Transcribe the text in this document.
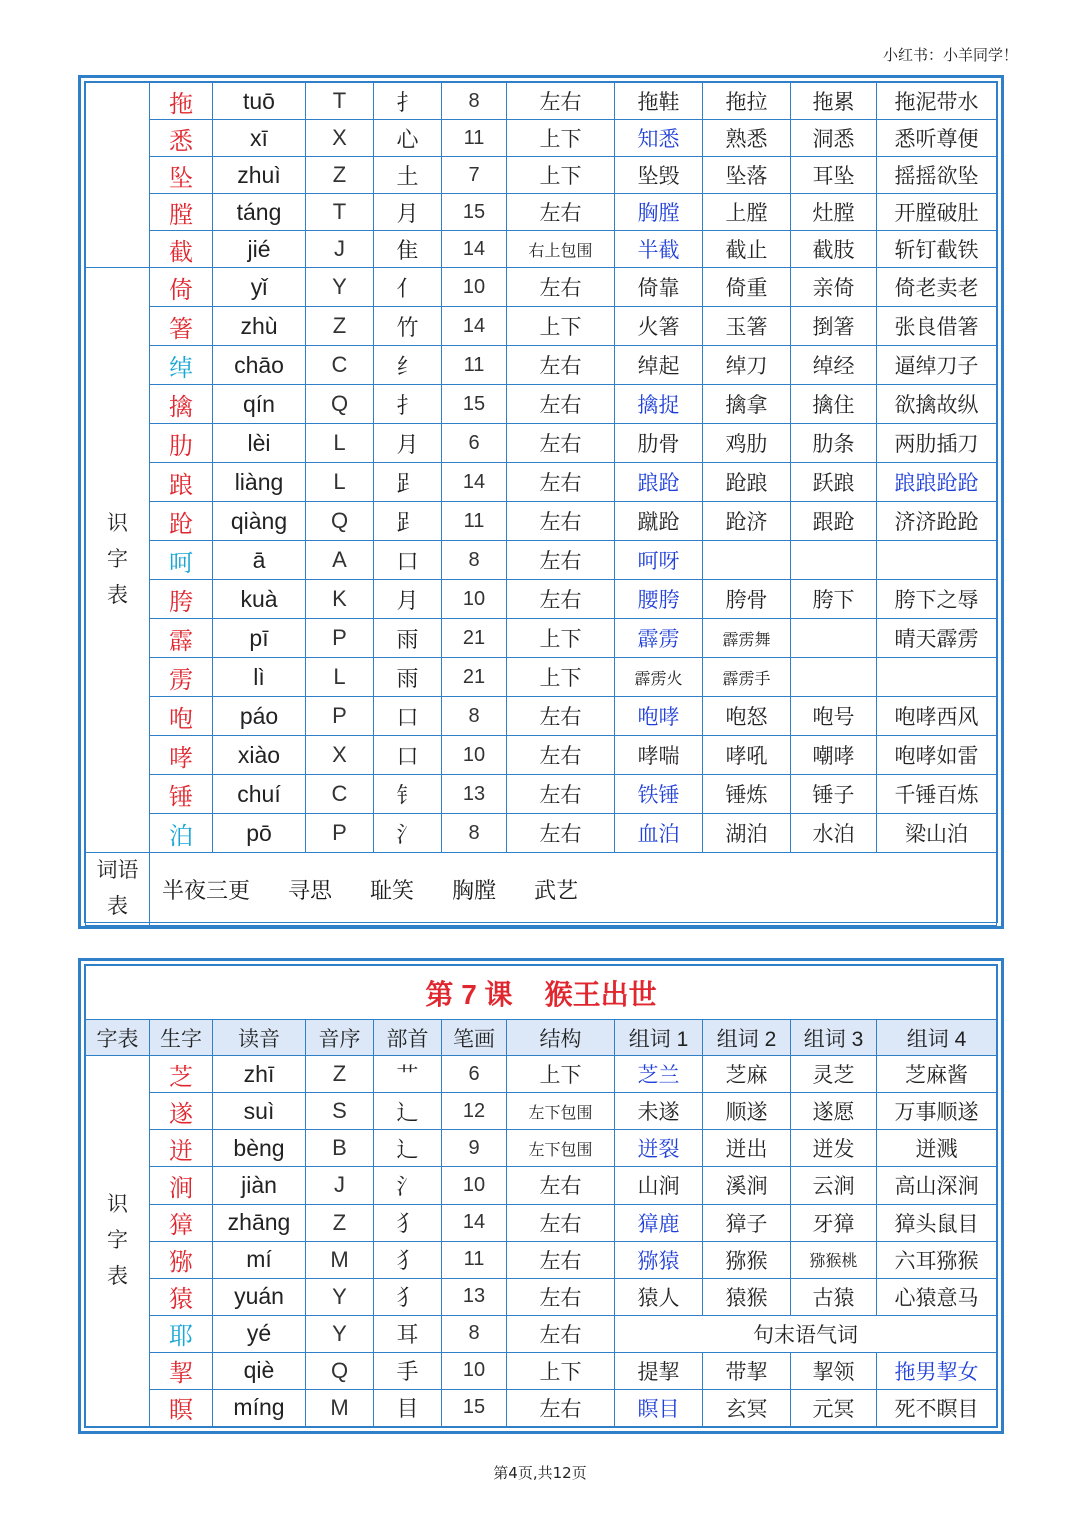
小红书：小羊同学！
	拖	tuō	T	扌	8	左右	拖鞋	拖拉	拖累	拖泥带水
	悉	xī	X	心	11	上下	知悉	熟悉	洞悉	悉听尊便
	坠	zhuì	Z	土	7	上下	坠毁	坠落	耳坠	摇摇欲坠
	膛	táng	T	月	15	左右	胸膛	上膛	灶膛	开膛破肚
	截	jié	J	隹	14	右上包围	半截	截止	截肢	斩钉截铁

识
字
表	倚	yǐ	Y	亻	10	左右	倚靠	倚重	亲倚	倚老卖老
	箸	zhù	Z	竹	14	上下	火箸	玉箸	捯箸	张良借箸
	绰	chāo	C	纟	11	左右	绰起	绰刀	绰经	逼绰刀子
	擒	qín	Q	扌	15	左右	擒捉	擒拿	擒住	欲擒故纵
	肋	lèi	L	月	6	左右	肋骨	鸡肋	肋条	两肋插刀
	踉	liàng	L	𧾷	14	左右	踉跄	跄踉	跃踉	踉踉跄跄
	跄	qiàng	Q	𧾷	11	左右	蹴跄	跄济	跟跄	济济跄跄
	呵	ā	A	口	8	左右	呵呀			
	胯	kuà	K	月	10	左右	腰胯	胯骨	胯下	胯下之辱
	霹	pī	P	雨	21	上下	霹雳	霹雳舞		晴天霹雳
	雳	lì	L	雨	21	上下	霹雳火	霹雳手		
	咆	páo	P	口	8	左右	咆哮	咆怒	咆号	咆哮西风
	哮	xiào	X	口	10	左右	哮喘	哮吼	嘲哮	咆哮如雷
	锤	chuí	C	钅	13	左右	铁锤	锤炼	锤子	千锤百炼
	泊	pō	P	氵	8	左右	血泊	湖泊	水泊	梁山泊

词语
表	半夜三更 寻思 耻笑 胸膛 武艺									
第 7 课 猴王出世										
字表	生字	读音	音序	部首	笔画	结构	组词 1	组词 2	组词 3	组词 4

识
字
表	芝	zhī	Z	艹	6	上下	芝兰	芝麻	灵芝	芝麻酱
	遂	suì	S	辶	12	左下包围	未遂	顺遂	遂愿	万事顺遂
	迸	bèng	B	辶	9	左下包围	迸裂	迸出	迸发	迸溅
	涧	jiàn	J	氵	10	左右	山涧	溪涧	云涧	高山深涧
	獐	zhāng	Z	犭	14	左右	獐鹿	獐子	牙獐	獐头鼠目
	猕	mí	M	犭	11	左右	猕猿	猕猴	猕猴桃	六耳猕猴
	猿	yuán	Y	犭	13	左右	猿人	猿猴	古猿	心猿意马
	耶	yé	Y	耳	8	左右	句末语气词			
	挈	qiè	Q	手	10	上下	提挈	带挈	挈领	拖男挈女
	瞑	míng	M	目	15	左右	瞑目	玄冥	元冥	死不瞑目
第4页,共12页
